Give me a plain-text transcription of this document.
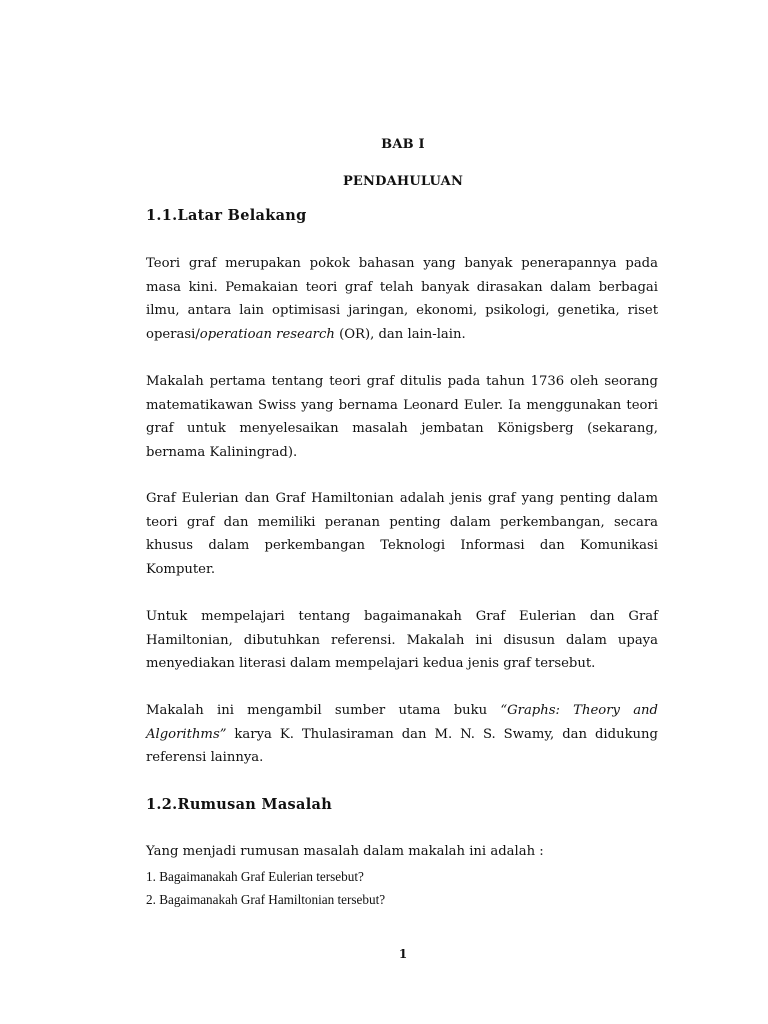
BAB I
PENDAHULUAN
1.1.Latar Belakang
Teori graf merupakan pokok bahasan yang banyak penerapannya pada
masa kini. Pemakaian teori graf telah banyak dirasakan dalam berbagai
ilmu, antara lain optimisasi jaringan, ekonomi, psikologi, genetika, riset
operasi/operatioan research (OR), dan lain-lain.
Makalah pertama tentang teori graf ditulis pada tahun 1736 oleh seorang
matematikawan Swiss yang bernama Leonard Euler. Ia menggunakan teori
graf untuk menyelesaikan masalah jembatan Königsberg (sekarang,
bernama Kaliningrad).
Graf Eulerian dan Graf Hamiltonian adalah jenis graf yang penting dalam
teori graf dan memiliki peranan penting dalam perkembangan, secara
khusus dalam perkembangan Teknologi Informasi dan Komunikasi
Komputer.
Untuk mempelajari tentang bagaimanakah Graf Eulerian dan Graf
Hamiltonian, dibutuhkan referensi. Makalah ini disusun dalam upaya
menyediakan literasi dalam mempelajari kedua jenis graf tersebut.
Makalah ini mengambil sumber utama buku “Graphs: Theory and
Algorithms” karya K. Thulasiraman dan M. N. S. Swamy, dan didukung
referensi lainnya.
1.2.Rumusan Masalah
Yang menjadi rumusan masalah dalam makalah ini adalah :
1. Bagaimanakah Graf Eulerian tersebut?
2. Bagaimanakah Graf Hamiltonian tersebut?
1
